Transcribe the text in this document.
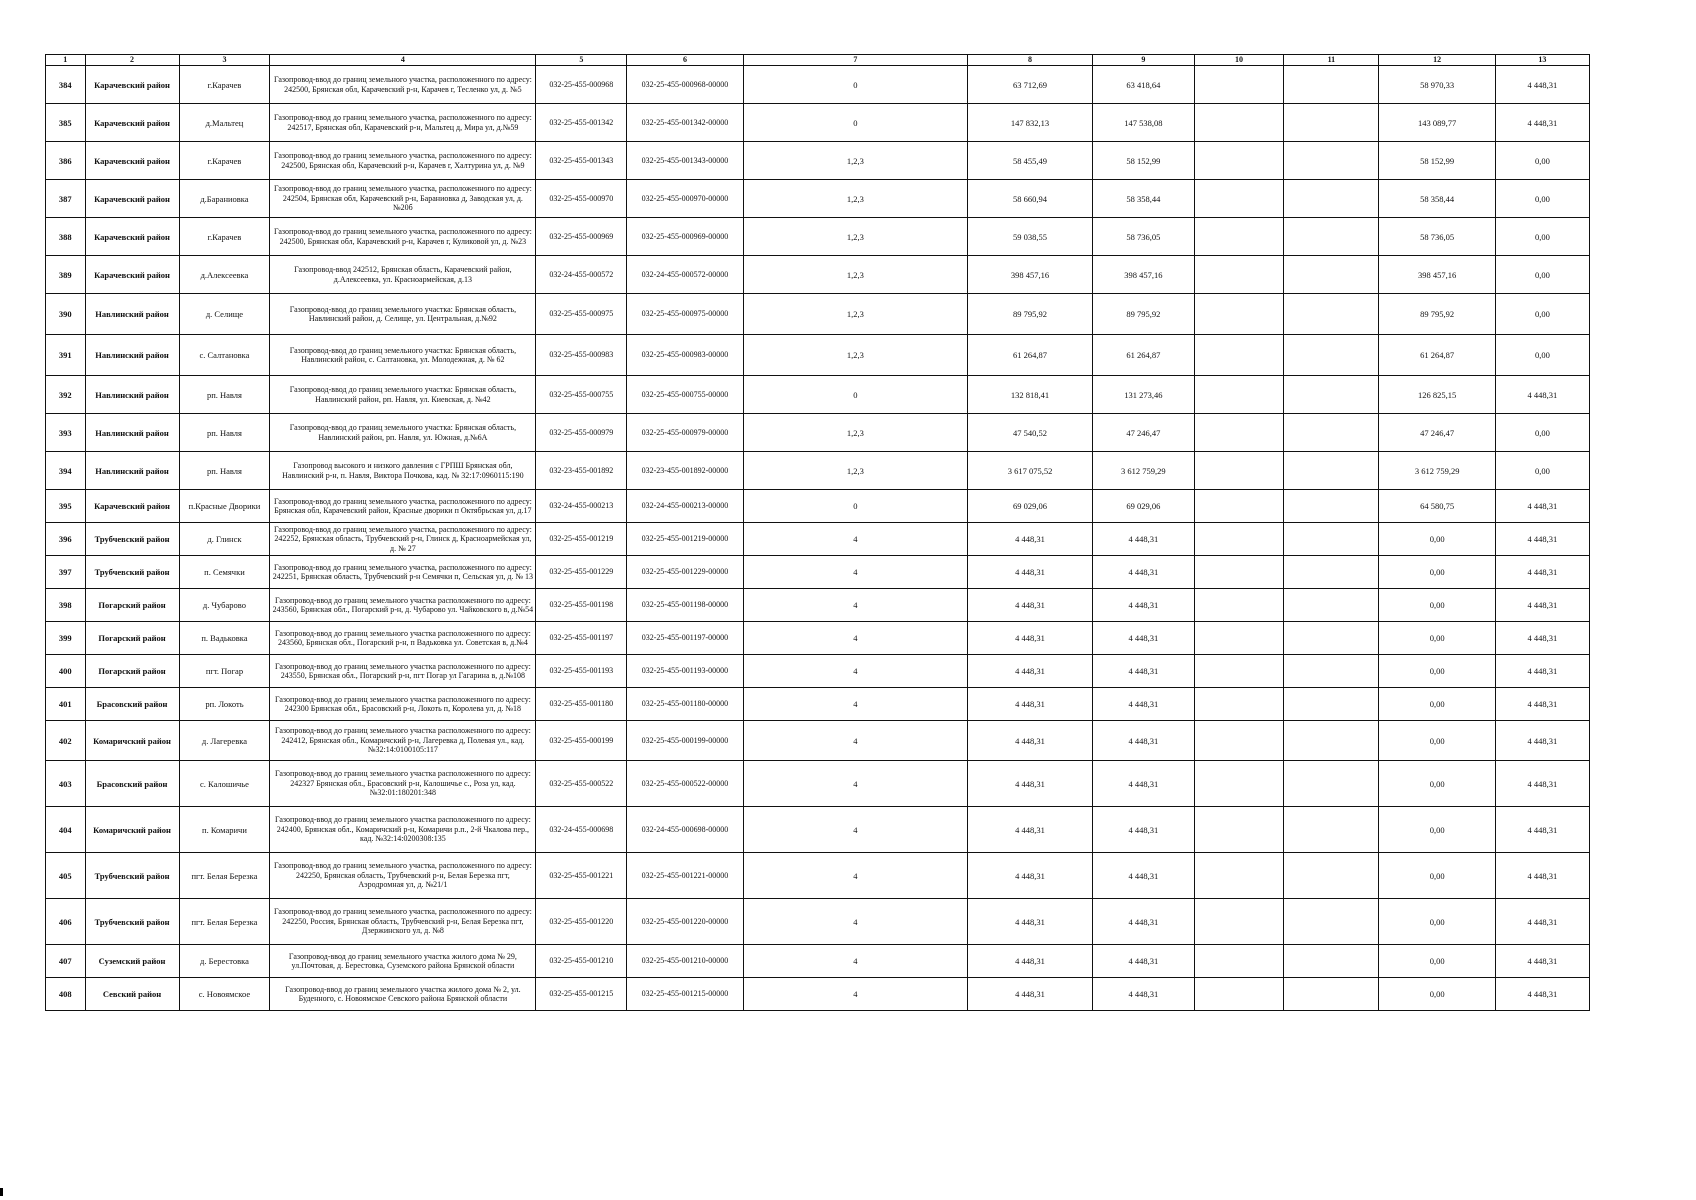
1	2	3	4	5	6	7	8	9	10	11	12	13
384	Карачевский район	г.Карачев	Газопровод-ввод до границ земельного участка, расположенного по адресу: 242500, Брянская обл, Карачевский р-н, Карачев г, Тесленко ул, д. №5	032-25-455-000968	032-25-455-000968-00000	0	63 712,69	63 418,64			58 970,33	4 448,31
385	Карачевский район	д.Мальтец	Газопровод-ввод до границ земельного участка, расположенного по адресу: 242517, Брянская обл, Карачевский р-н, Мальтец д, Мира ул, д.№59	032-25-455-001342	032-25-455-001342-00000	0	147 832,13	147 538,08			143 089,77	4 448,31
386	Карачевский район	г.Карачев	Газопровод-ввод до границ земельного участка, расположенного по адресу: 242500, Брянская обл, Карачевский р-н, Карачев г, Халтурина ул, д. №9	032-25-455-001343	032-25-455-001343-00000	1,2,3	58 455,49	58 152,99			58 152,99	0,00
387	Карачевский район	д.Бараниовка	Газопровод-ввод до границ земельного участка, расположенного по адресу: 242504, Брянская обл, Карачевский р-н, Бараниовка д, Заводская ул, д. №20б	032-25-455-000970	032-25-455-000970-00000	1,2,3	58 660,94	58 358,44			58 358,44	0,00
388	Карачевский район	г.Карачев	Газопровод-ввод до границ земельного участка, расположенного по адресу: 242500, Брянская обл, Карачевский р-н, Карачев г, Куликовой ул, д. №23	032-25-455-000969	032-25-455-000969-00000	1,2,3	59 038,55	58 736,05			58 736,05	0,00
389	Карачевский район	д.Алексеевка	Газопровод-ввод 242512, Брянская область, Карачевский район, д.Алексеевка, ул. Красноармейская, д.13	032-24-455-000572	032-24-455-000572-00000	1,2,3	398 457,16	398 457,16			398 457,16	0,00
390	Навлинский район	д. Селище	Газопровод-ввод до границ земельного участка: Брянская область, Навлинский район, д. Селище, ул. Центральная, д.№92	032-25-455-000975	032-25-455-000975-00000	1,2,3	89 795,92	89 795,92			89 795,92	0,00
391	Навлинский район	с. Салтановка	Газопровод-ввод до границ земельного участка: Брянская область, Навлинский район, с. Салтановка, ул. Молодежная, д. № 62	032-25-455-000983	032-25-455-000983-00000	1,2,3	61 264,87	61 264,87			61 264,87	0,00
392	Навлинский район	рп. Навля	Газопровод-ввод до границ земельного участка: Брянская область, Навлинский район, рп. Навля, ул. Киевская, д. №42	032-25-455-000755	032-25-455-000755-00000	0	132 818,41	131 273,46			126 825,15	4 448,31
393	Навлинский район	рп. Навля	Газопровод-ввод до границ земельного участка: Брянская область, Навлинский район, рп. Навля, ул. Южная, д.№6А	032-25-455-000979	032-25-455-000979-00000	1,2,3	47 540,52	47 246,47			47 246,47	0,00
394	Навлинский район	рп. Навля	Газопровод высокого и низкого давления с ГРПШ Брянская обл, Навлинский р-н, п. Навля, Виктора Почкова, кад. № 32:17:0960115:190	032-23-455-001892	032-23-455-001892-00000	1,2,3	3 617 075,52	3 612 759,29			3 612 759,29	0,00
395	Карачевский район	п.Красные Дворики	Газопровод-ввод до границ земельного участка, расположенного по адресу: Брянская обл, Карачевский район, Красные дворики п Октябрьская ул, д.17	032-24-455-000213	032-24-455-000213-00000	0	69 029,06	69 029,06			64 580,75	4 448,31
396	Трубчевский район	д. Глинск	Газопровод-ввод до границ земельного участка, расположенного по адресу: 242252, Брянская область, Трубчевский р-н, Глинск д, Красноармейская ул, д. № 27	032-25-455-001219	032-25-455-001219-00000	4	4 448,31	4 448,31			0,00	4 448,31
397	Трубчевский район	п. Семячки	Газопровод-ввод до границ земельного участка, расположенного по адресу: 242251, Брянская область, Трубчевский р-н Семячки п, Сельская ул, д. № 13	032-25-455-001229	032-25-455-001229-00000	4	4 448,31	4 448,31			0,00	4 448,31
398	Погарский район	д. Чубарово	Газопровод-ввод до границ земельного участка расположенного по адресу: 243560, Брянская обл., Погарский р-н, д. Чубарово ул. Чайковского в, д.№54	032-25-455-001198	032-25-455-001198-00000	4	4 448,31	4 448,31			0,00	4 448,31
399	Погарский район	п. Вадьковка	Газопровод-ввод до границ земельного участка расположенного по адресу: 243560, Брянская обл., Погарский р-н, п Вадьковка ул. Советская в, д.№4	032-25-455-001197	032-25-455-001197-00000	4	4 448,31	4 448,31			0,00	4 448,31
400	Погарский район	пгт. Погар	Газопровод-ввод до границ земельного участка расположенного по адресу: 243550, Брянская обл., Погарский р-н, пгт Погар ул Гагарина в, д.№108	032-25-455-001193	032-25-455-001193-00000	4	4 448,31	4 448,31			0,00	4 448,31
401	Брасовский район	рп. Локоть	Газопровод-ввод до границ земельного участка расположенного по адресу: 242300 Брянская обл., Брасовский р-н, Локоть п, Королева ул, д. №18	032-25-455-001180	032-25-455-001180-00000	4	4 448,31	4 448,31			0,00	4 448,31
402	Комаричский район	д. Лагеревка	Газопровод-ввод до границ земельного участка расположенного по адресу: 242412, Брянская обл., Комаричский р-н, Лагеревка д, Полевая ул., кад. №32:14:0100105:117	032-25-455-000199	032-25-455-000199-00000	4	4 448,31	4 448,31			0,00	4 448,31
403	Брасовский район	с. Калошичье	Газопровод-ввод до границ земельного участка расположенного по адресу: 242327 Брянская обл., Брасовский р-н, Калошичье с., Роза ул, кад. №32:01:180201:348	032-25-455-000522	032-25-455-000522-00000	4	4 448,31	4 448,31			0,00	4 448,31
404	Комаричский район	п. Комаричи	Газопровод-ввод до границ земельного участка расположенного по адресу: 242400, Брянская обл., Комаричский р-н, Комаричи р.п., 2-й Чкалова пер., кад. №32:14:0200308:135	032-24-455-000698	032-24-455-000698-00000	4	4 448,31	4 448,31			0,00	4 448,31
405	Трубчевский район	пгт. Белая Березка	Газопровод-ввод до границ земельного участка, расположенного по адресу: 242250, Брянская область, Трубчевский р-н, Белая Березка пгт, Аэродромная ул, д. №21/1	032-25-455-001221	032-25-455-001221-00000	4	4 448,31	4 448,31			0,00	4 448,31
406	Трубчевский район	пгт. Белая Березка	Газопровод-ввод до границ земельного участка, расположенного по адресу: 242250, Россия, Брянская область, Трубчевский р-н, Белая Березка пгт, Дзержинского ул, д. №8	032-25-455-001220	032-25-455-001220-00000	4	4 448,31	4 448,31			0,00	4 448,31
407	Суземский район	д. Берестовка	Газопровод-ввод до границ земельного участка жилого дома № 29, ул.Почтовая, д. Берестовка, Суземского района Брянской области	032-25-455-001210	032-25-455-001210-00000	4	4 448,31	4 448,31			0,00	4 448,31
408	Севский район	с. Новоямское	Газопровод-ввод до границ земельного участка жилого дома № 2, ул. Буденного, с. Новоямское Севского района Брянской области	032-25-455-001215	032-25-455-001215-00000	4	4 448,31	4 448,31			0,00	4 448,31
